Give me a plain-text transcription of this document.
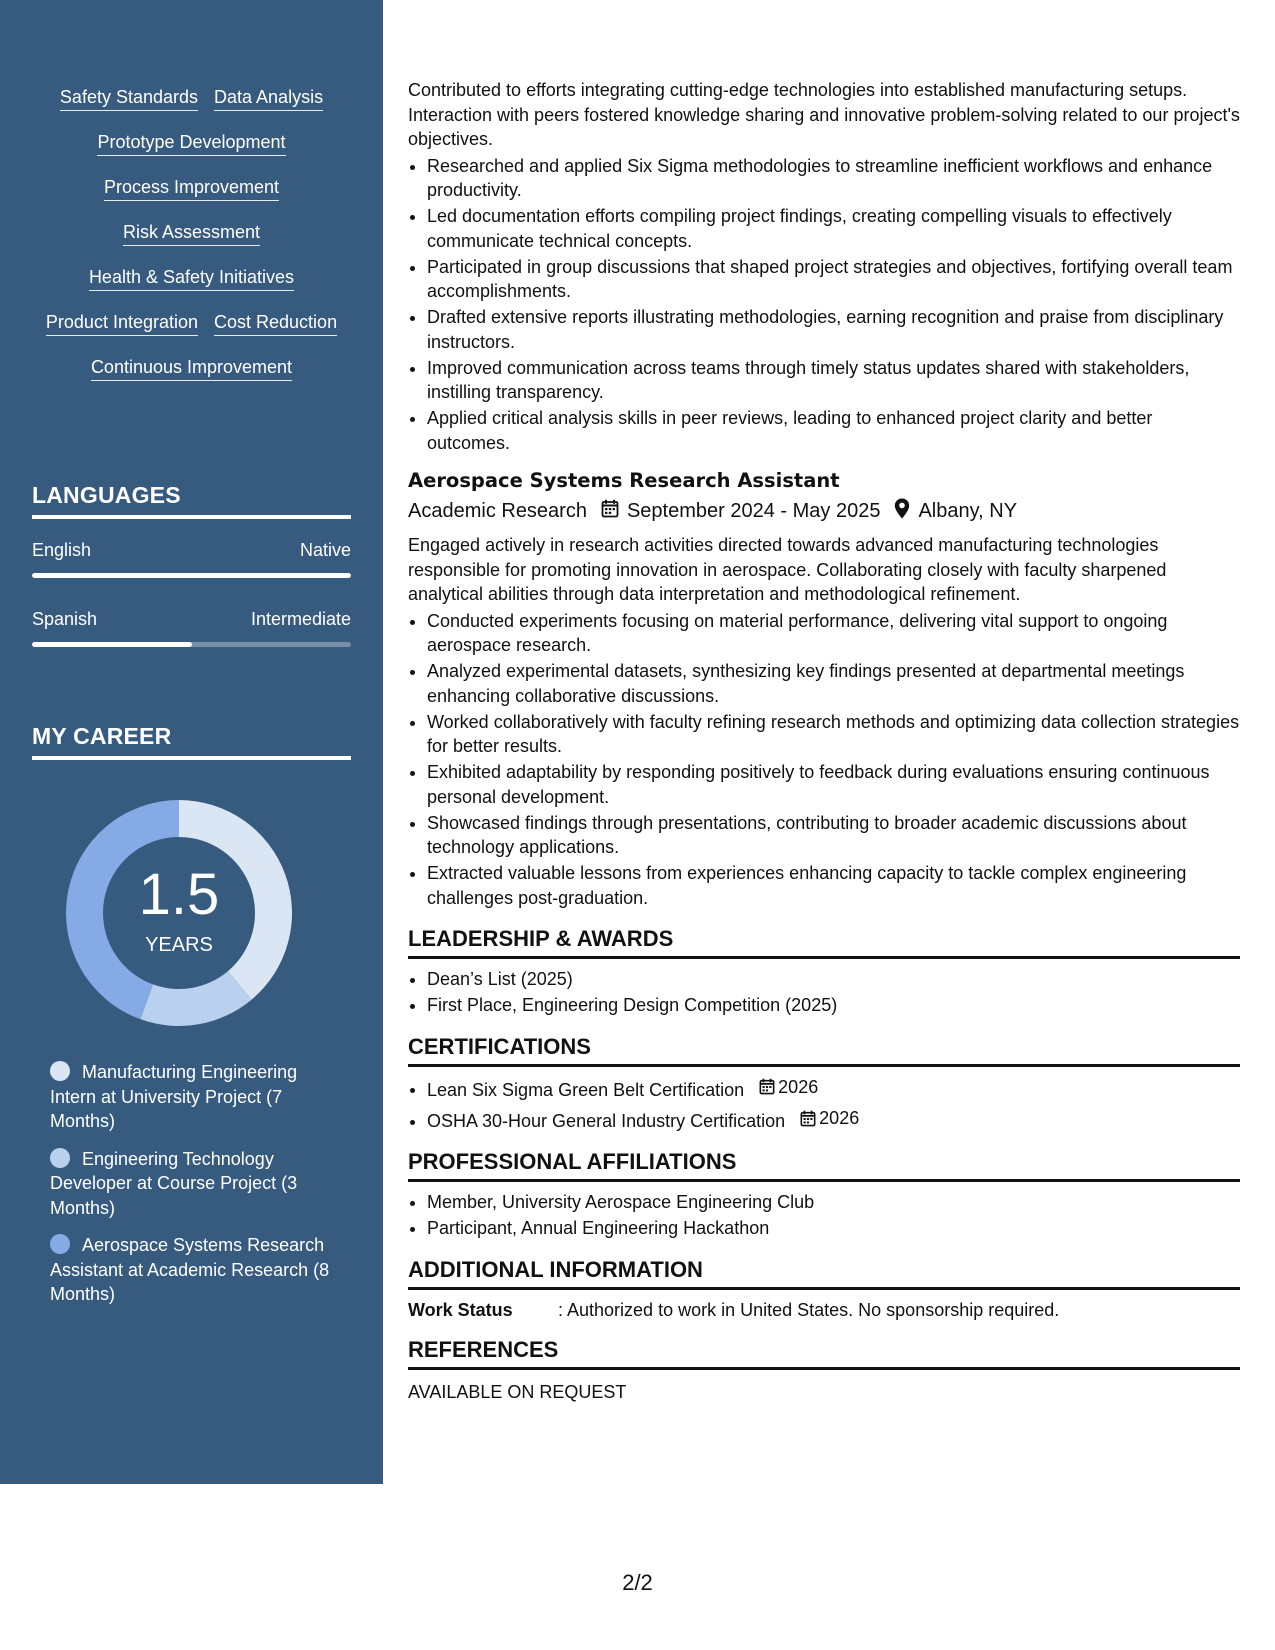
Safety Standards Data Analysis
Prototype Development
Process Improvement
Risk Assessment
Health & Safety Initiatives
Product Integration Cost Reduction
Continuous Improvement
LANGUAGES
English	Native
Spanish	Intermediate
MY CAREER
1.5
YEARS
Manufacturing Engineering Intern at University Project (7 Months)
Engineering Technology Developer at Course Project (3 Months)
Aerospace Systems Research Assistant at Academic Research (8 Months)

Contributed to efforts integrating cutting-edge technologies into established manufacturing setups. Interaction with peers fostered knowledge sharing and innovative problem-solving related to our project's objectives.

• Researched and applied Six Sigma methodologies to streamline inefficient workflows and enhance productivity.
• Led documentation efforts compiling project findings, creating compelling visuals to effectively communicate technical concepts.
• Participated in group discussions that shaped project strategies and objectives, fortifying overall team accomplishments.
• Drafted extensive reports illustrating methodologies, earning recognition and praise from disciplinary instructors.
• Improved communication across teams through timely status updates shared with stakeholders, instilling transparency.
• Applied critical analysis skills in peer reviews, leading to enhanced project clarity and better outcomes.
Aerospace Systems Research Assistant
Academic Research September 2024 - May 2025 Albany, NY

Engaged actively in research activities directed towards advanced manufacturing technologies responsible for promoting innovation in aerospace. Collaborating closely with faculty sharpened analytical abilities through data interpretation and methodological refinement.

• Conducted experiments focusing on material performance, delivering vital support to ongoing aerospace research.
• Analyzed experimental datasets, synthesizing key findings presented at departmental meetings enhancing collaborative discussions.
• Worked collaboratively with faculty refining research methods and optimizing data collection strategies for better results.
• Exhibited adaptability by responding positively to feedback during evaluations ensuring continuous personal development.
• Showcased findings through presentations, contributing to broader academic discussions about technology applications.
• Extracted valuable lessons from experiences enhancing capacity to tackle complex engineering challenges post-graduation.
LEADERSHIP & AWARDS
• Dean’s List (2025)
• First Place, Engineering Design Competition (2025)
CERTIFICATIONS
• Lean Six Sigma Green Belt Certification 2026
• OSHA 30-Hour General Industry Certification 2026
PROFESSIONAL AFFILIATIONS
• Member, University Aerospace Engineering Club
• Participant, Annual Engineering Hackathon
ADDITIONAL INFORMATION
Work Status	: Authorized to work in United States. No sponsorship required.
REFERENCES
AVAILABLE ON REQUEST
2/2
